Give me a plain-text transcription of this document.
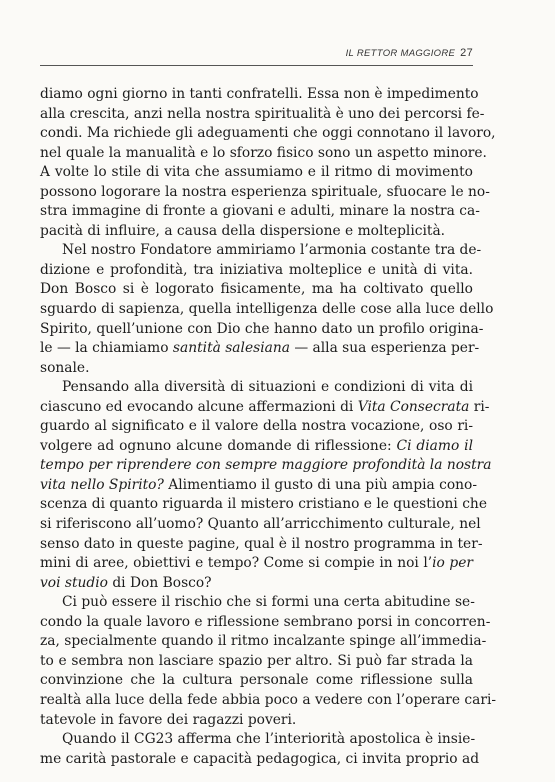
IL RETTOR MAGGIORE 27

diamo ogni giorno in tanti confratelli. Essa non è impedimento
alla crescita, anzi nella nostra spiritualità è uno dei percorsi fe-
condi. Ma richiede gli adeguamenti che oggi connotano il lavoro,
nel quale la manualità e lo sforzo fisico sono un aspetto minore.
A volte lo stile di vita che assumiamo e il ritmo di movimento
possono logorare la nostra esperienza spirituale, sfuocare le no-
stra immagine di fronte a giovani e adulti, minare la nostra ca-
pacità di influire, a causa della dispersione e molteplicità.

Nel nostro Fondatore ammiriamo l’armonia costante tra de-
dizione e profondità, tra iniziativa molteplice e unità di vita.
Don Bosco si è logorato fisicamente, ma ha coltivato quello
sguardo di sapienza, quella intelligenza delle cose alla luce dello
Spirito, quell’unione con Dio che hanno dato un profilo origina-
le — la chiamiamo santità salesiana — alla sua esperienza per-
sonale.

Pensando alla diversità di situazioni e condizioni di vita di
ciascuno ed evocando alcune affermazioni di Vita Consecrata ri-
guardo al significato e il valore della nostra vocazione, oso ri-
volgere ad ognuno alcune domande di riflessione: Ci diamo il
tempo per riprendere con sempre maggiore profondità la nostra
vita nello Spirito? Alimentiamo il gusto di una più ampia cono-
scenza di quanto riguarda il mistero cristiano e le questioni che
si riferiscono all’uomo? Quanto all’arricchimento culturale, nel
senso dato in queste pagine, qual è il nostro programma in ter-
mini di aree, obiettivi e tempo? Come si compie in noi l’io per
voi studio di Don Bosco?

Ci può essere il rischio che si formi una certa abitudine se-
condo la quale lavoro e riflessione sembrano porsi in concorren-
za, specialmente quando il ritmo incalzante spinge all’immedia-
to e sembra non lasciare spazio per altro. Si può far strada la
convinzione che la cultura personale come riflessione sulla
realtà alla luce della fede abbia poco a vedere con l’operare cari-
tatevole in favore dei ragazzi poveri.

Quando il CG23 afferma che l’interiorità apostolica è insie-
me carità pastorale e capacità pedagogica, ci invita proprio ad
